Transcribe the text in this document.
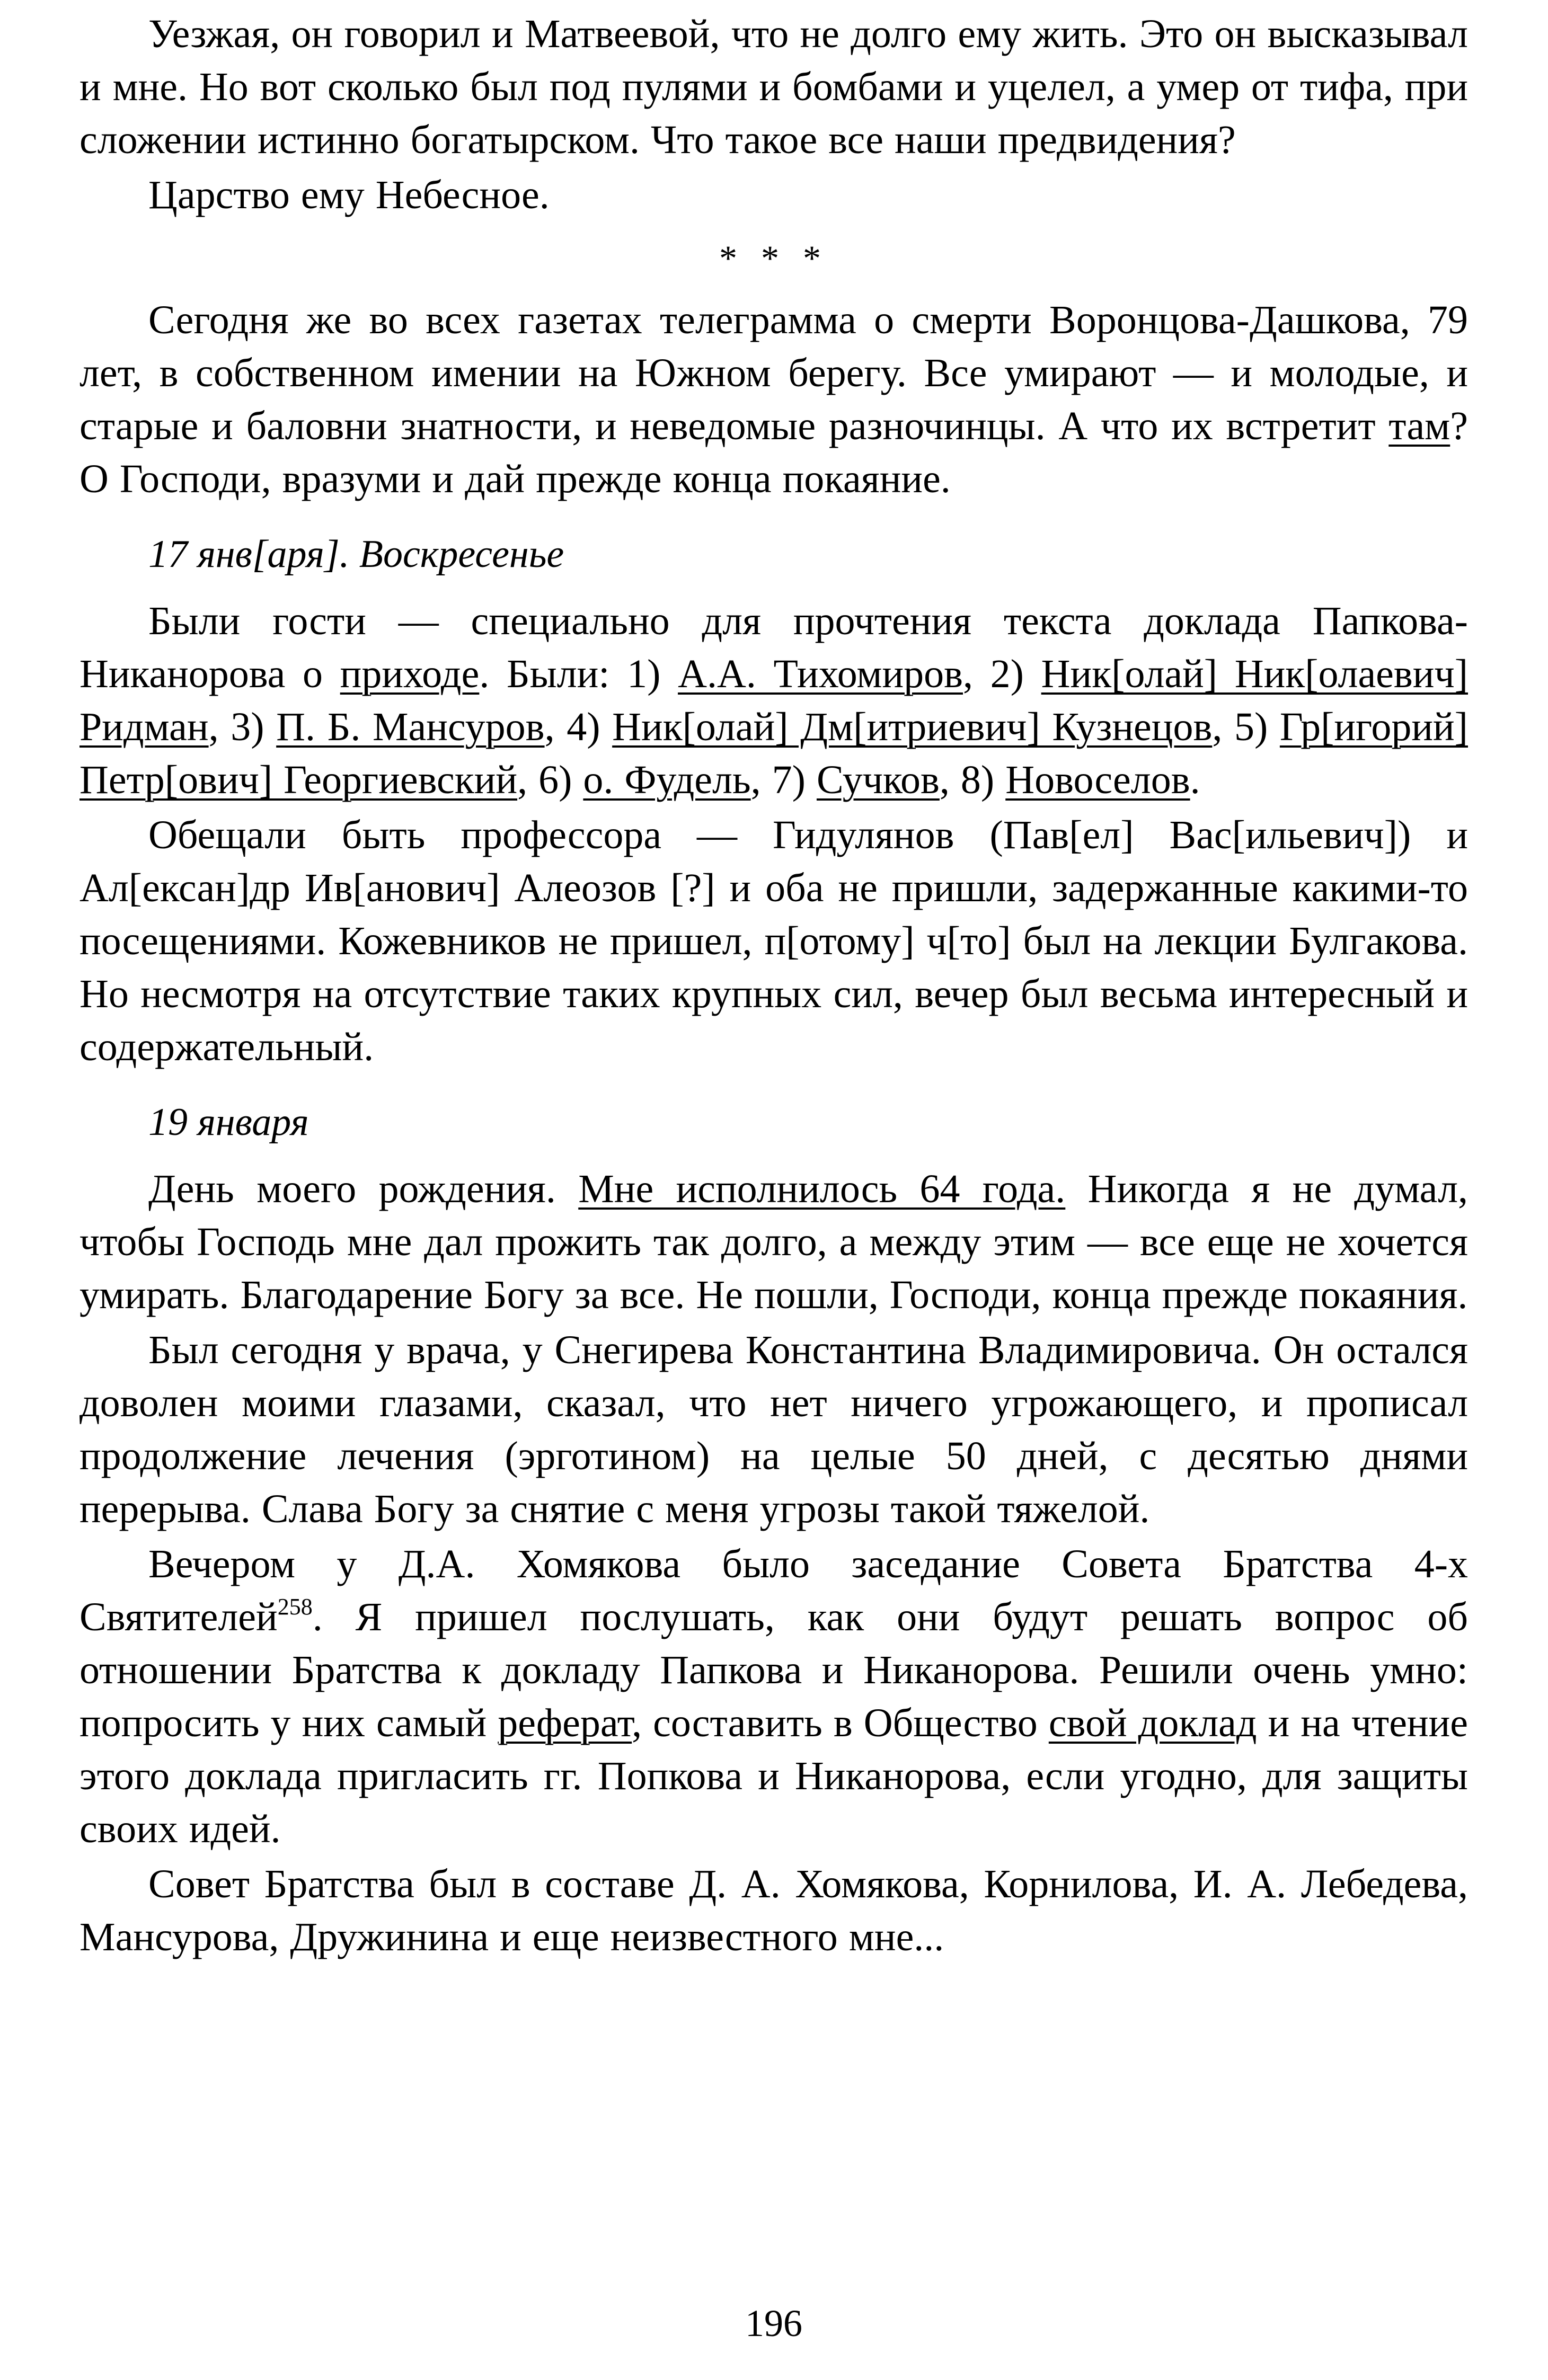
Уезжая, он говорил и Матвеевой, что не долго ему жить. Это он высказывал и мне. Но вот сколько был под пулями и бомбами и уцелел, а умер от тифа, при сложении истинно богатырском. Что такое все наши предвидения?

Царство ему Небесное.

* * *

Сегодня же во всех газетах телеграмма о смерти Воронцова-Дашкова, 79 лет, в собственном имении на Южном берегу. Все умирают — и молодые, и старые и баловни знатности, и неведомые разночинцы. А что их встретит там? О Господи, вразуми и дай прежде конца покаяние.

17 янв[аря]. Воскресенье

Были гости — специально для прочтения текста доклада Папкова-Никанорова о приходе. Были: 1) А.А. Тихомиров, 2) Ник[олай] Ник[олаевич] Ридман, 3) П. Б. Мансуров, 4) Ник[олай] Дм[итриевич] Кузнецов, 5) Гр[игорий] Петр[ович] Георгиевский, 6) о. Фудель, 7) Сучков, 8) Новоселов.

Обещали быть профессора — Гидулянов (Пав[ел] Вас[ильевич]) и Ал[ексан]др Ив[анович] Алеозов [?] и оба не пришли, задержанные какими-то посещениями. Кожевников не пришел, п[отому] ч[то] был на лекции Булгакова. Но несмотря на отсутствие таких крупных сил, вечер был весьма интересный и содержательный.

19 января

День моего рождения. Мне исполнилось 64 года. Никогда я не думал, чтобы Господь мне дал прожить так долго, а между этим — все еще не хочется умирать. Благодарение Богу за все. Не пошли, Господи, конца прежде покаяния.

Был сегодня у врача, у Снегирева Константина Владимировича. Он остался доволен моими глазами, сказал, что нет ничего угрожающего, и прописал продолжение лечения (эрготином) на целые 50 дней, с десятью днями перерыва. Слава Богу за снятие с меня угрозы такой тяжелой.

Вечером у Д.А. Хомякова было заседание Совета Братства 4-х Святителей$^{258}$. Я пришел послушать, как они будут решать вопрос об отношении Братства к докладу Папкова и Никанорова. Решили очень умно: попросить у них самый реферат, составить в Общество свой доклад и на чтение этого доклада пригласить гг. Попкова и Никанорова, если угодно, для защиты своих идей.

Совет Братства был в составе Д. А. Хомякова, Корнилова, И. А. Лебедева, Мансурова, Дружинина и еще неизвестного мне...

196
